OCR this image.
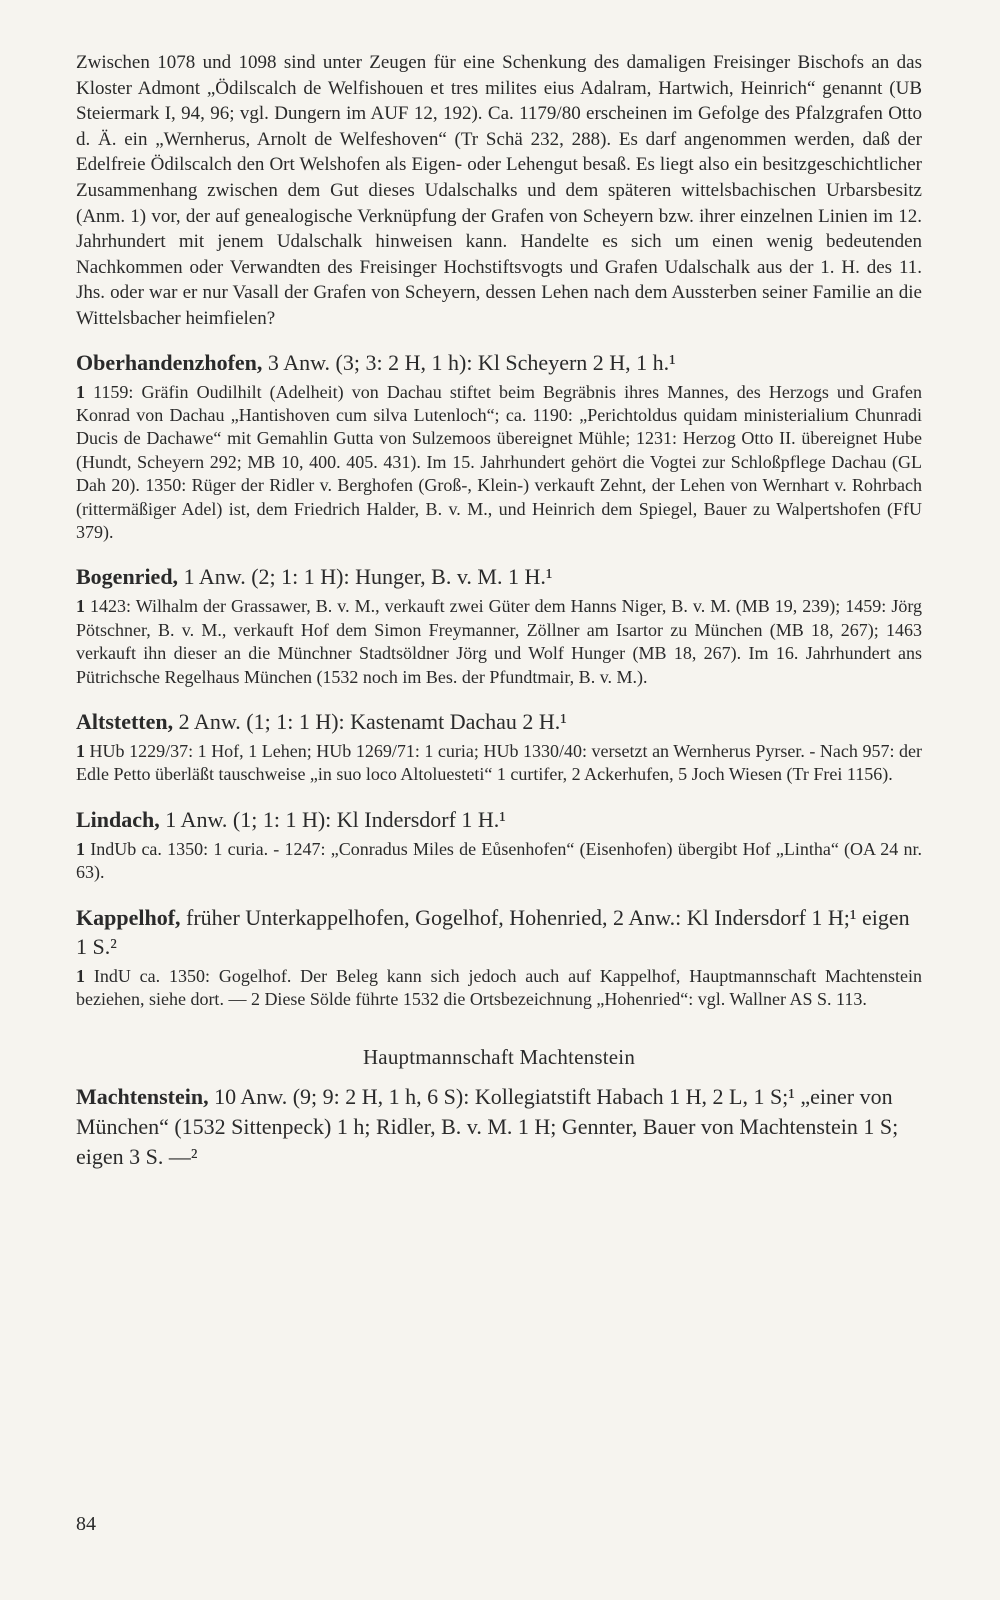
Zwischen 1078 und 1098 sind unter Zeugen für eine Schenkung des damaligen Freisinger Bischofs an das Kloster Admont „Ödilscalch de Welfishouen et tres milites eius Adalram, Hartwich, Heinrich“ genannt (UB Steiermark I, 94, 96; vgl. Dungern im AUF 12, 192). Ca. 1179/80 erscheinen im Gefolge des Pfalzgrafen Otto d. Ä. ein „Wernherus, Arnolt de Welfeshoven“ (Tr Schä 232, 288). Es darf angenommen werden, daß der Edelfreie Ödilscalch den Ort Welshofen als Eigen- oder Lehengut besaß. Es liegt also ein besitzgeschichtlicher Zusammenhang zwischen dem Gut dieses Udalschalks und dem späteren wittelsbachischen Urbarsbesitz (Anm. 1) vor, der auf genealogische Verknüpfung der Grafen von Scheyern bzw. ihrer einzelnen Linien im 12. Jahrhundert mit jenem Udalschalk hinweisen kann. Handelte es sich um einen wenig bedeutenden Nachkommen oder Verwandten des Freisinger Hochstiftsvogts und Grafen Udalschalk aus der 1. H. des 11. Jhs. oder war er nur Vasall der Grafen von Scheyern, dessen Lehen nach dem Aussterben seiner Familie an die Wittelsbacher heimfielen?

Oberhandenzhofen, 3 Anw. (3; 3: 2 H, 1 h): Kl Scheyern 2 H, 1 h.¹

1 1159: Gräfin Oudilhilt (Adelheit) von Dachau stiftet beim Begräbnis ihres Mannes, des Herzogs und Grafen Konrad von Dachau „Hantishoven cum silva Lutenloch“; ca. 1190: „Perichtoldus quidam ministerialium Chunradi Ducis de Dachawe“ mit Gemahlin Gutta von Sulzemoos übereignet Mühle; 1231: Herzog Otto II. übereignet Hube (Hundt, Scheyern 292; MB 10, 400. 405. 431). Im 15. Jahrhundert gehört die Vogtei zur Schloßpflege Dachau (GL Dah 20). 1350: Rüger der Ridler v. Berghofen (Groß-, Klein-) verkauft Zehnt, der Lehen von Wernhart v. Rohrbach (rittermäßiger Adel) ist, dem Friedrich Halder, B. v. M., und Heinrich dem Spiegel, Bauer zu Walpertshofen (FfU 379).

Bogenried, 1 Anw. (2; 1: 1 H): Hunger, B. v. M. 1 H.¹

1 1423: Wilhalm der Grassawer, B. v. M., verkauft zwei Güter dem Hanns Niger, B. v. M. (MB 19, 239); 1459: Jörg Pötschner, B. v. M., verkauft Hof dem Simon Freymanner, Zöllner am Isartor zu München (MB 18, 267); 1463 verkauft ihn dieser an die Münchner Stadtsöldner Jörg und Wolf Hunger (MB 18, 267). Im 16. Jahrhundert ans Pütrichsche Regelhaus München (1532 noch im Bes. der Pfundtmair, B. v. M.).

Altstetten, 2 Anw. (1; 1: 1 H): Kastenamt Dachau 2 H.¹

1 HUb 1229/37: 1 Hof, 1 Lehen; HUb 1269/71: 1 curia; HUb 1330/40: versetzt an Wernherus Pyrser. - Nach 957: der Edle Petto überläßt tauschweise „in suo loco Altoluesteti“ 1 curtifer, 2 Ackerhufen, 5 Joch Wiesen (Tr Frei 1156).

Lindach, 1 Anw. (1; 1: 1 H): Kl Indersdorf 1 H.¹

1 IndUb ca. 1350: 1 curia. - 1247: „Conradus Miles de Eůsenhofen“ (Eisenhofen) übergibt Hof „Lintha“ (OA 24 nr. 63).

Kappelhof, früher Unterkappelhofen, Gogelhof, Hohenried, 2 Anw.: Kl Indersdorf 1 H;¹ eigen 1 S.²

1 IndU ca. 1350: Gogelhof. Der Beleg kann sich jedoch auch auf Kappelhof, Hauptmannschaft Machtenstein beziehen, siehe dort. — 2 Diese Sölde führte 1532 die Ortsbezeichnung „Hohenried“: vgl. Wallner AS S. 113.

Hauptmannschaft Machtenstein

Machtenstein, 10 Anw. (9; 9: 2 H, 1 h, 6 S): Kollegiatstift Habach 1 H, 2 L, 1 S;¹ „einer von München“ (1532 Sittenpeck) 1 h; Ridler, B. v. M. 1 H; Gennter, Bauer von Machtenstein 1 S; eigen 3 S. —²

84
